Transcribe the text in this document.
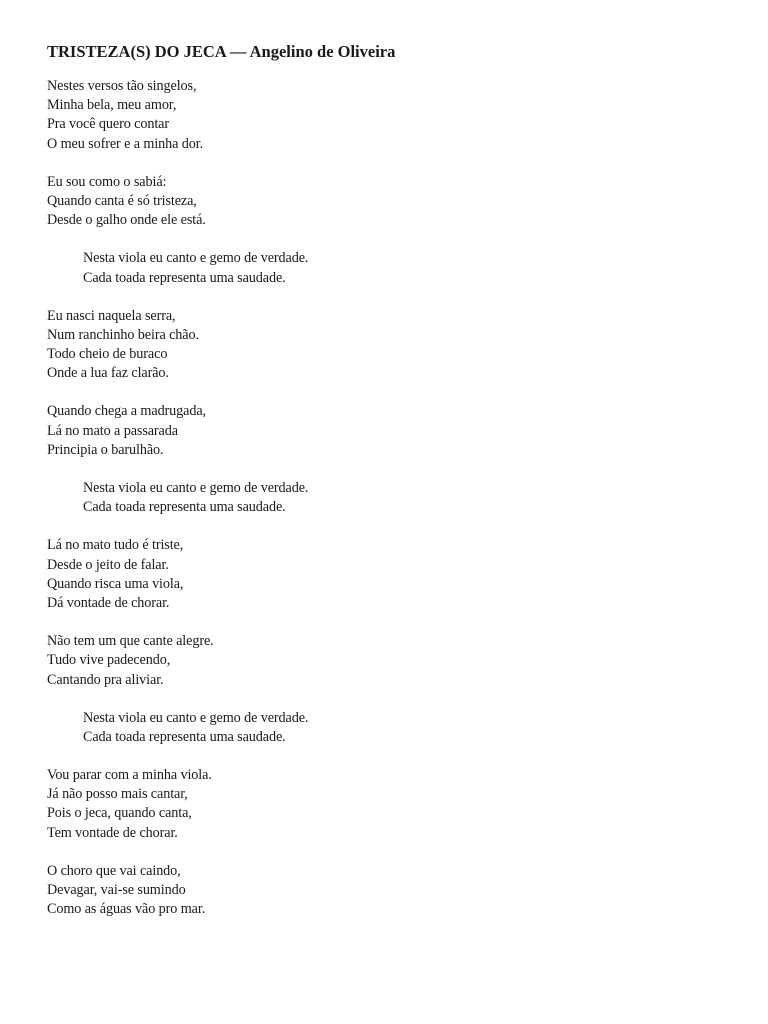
TRISTEZA(S) DO JECA — Angelino de Oliveira
Nestes versos tão singelos,
Minha bela, meu amor,
Pra você quero contar
O meu sofrer e a minha dor.
Eu sou como o sabiá:
Quando canta é só tristeza,
Desde o galho onde ele está.
Nesta viola eu canto e gemo de verdade.
Cada toada representa uma saudade.
Eu nasci naquela serra,
Num ranchinho beira chão.
Todo cheio de buraco
Onde a lua faz clarão.
Quando chega a madrugada,
Lá no mato a passarada
Principia o barulhão.
Nesta viola eu canto e gemo de verdade.
Cada toada representa uma saudade.
Lá no mato tudo é triste,
Desde o jeito de falar.
Quando risca uma viola,
Dá vontade de chorar.
Não tem um que cante alegre.
Tudo vive padecendo,
Cantando pra aliviar.
Nesta viola eu canto e gemo de verdade.
Cada toada representa uma saudade.
Vou parar com a minha viola.
Já não posso mais cantar,
Pois o jeca, quando canta,
Tem vontade de chorar.
O choro que vai caindo,
Devagar, vai-se sumindo
Como as águas vão pro mar.
